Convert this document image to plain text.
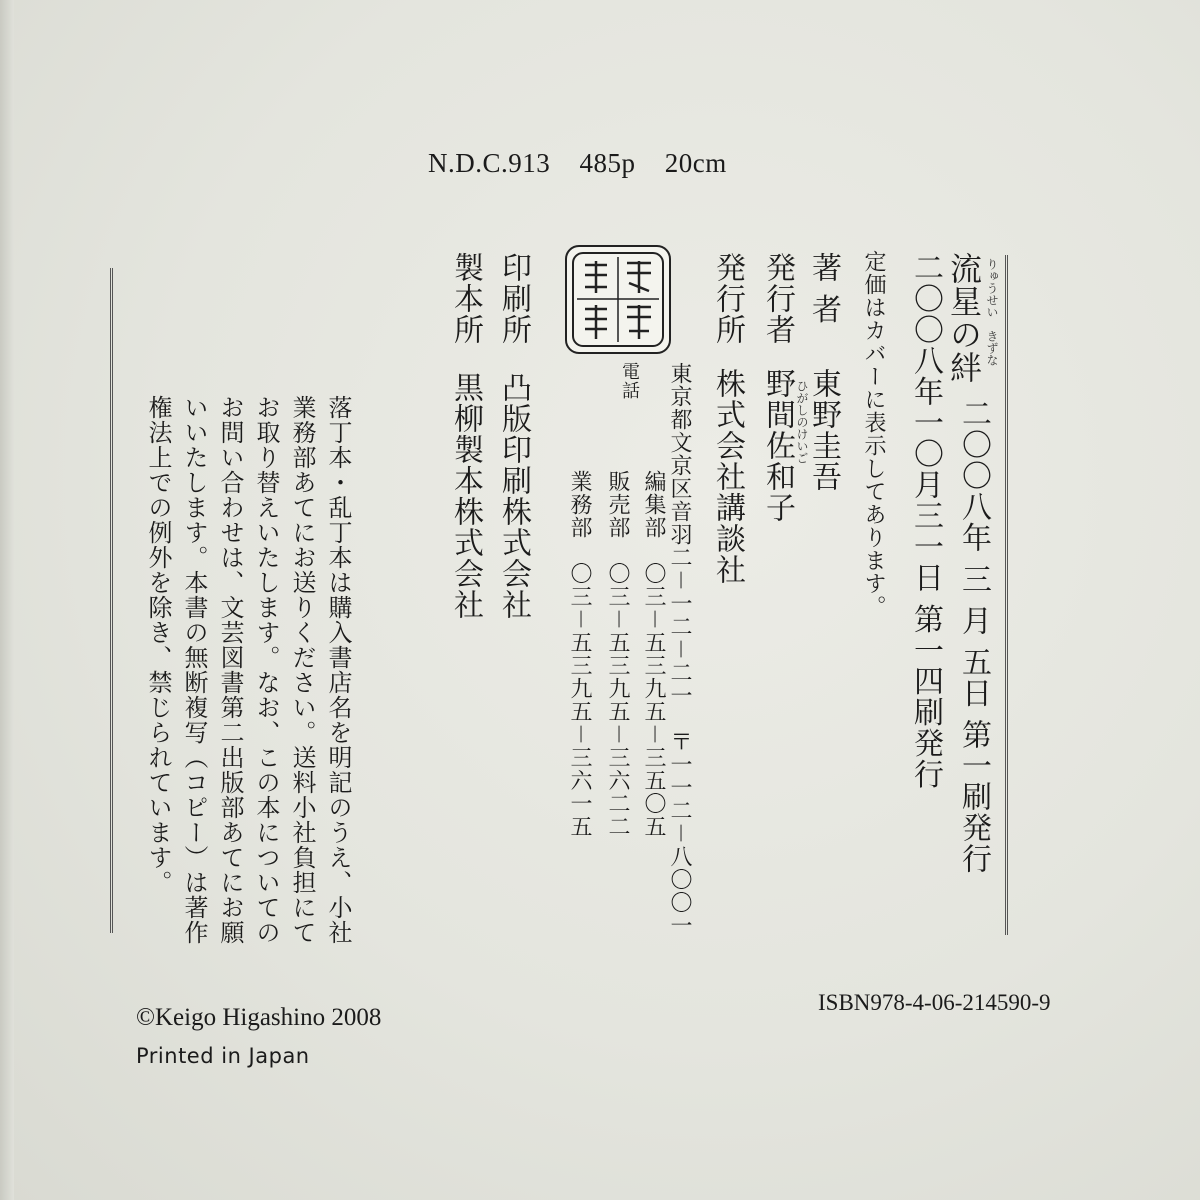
N.D.C.913 485p 20cm
流星の絆 りゅうせい
きずな
二〇〇八年 三 月 五日 第一刷発行
二〇〇八年一〇月三一日 第一四刷発行
定価はカバーに表示してあります。
著 者
ひがしのけいご
東野圭吾
発行者
野間佐和子
発行所
株式会社講談社
東京都文京区音羽二－一二－二一　〒一一二－八〇〇一
電話
編集部
〇三－五三九五－三五〇五
販売部
〇三－五三九五－三六二二
業務部
〇三－五三九五－三六一五
印刷所
凸版印刷株式会社
製本所
黒柳製本株式会社
落丁本・乱丁本は購入書店名を明記のうえ、小社
業務部あてにお送りください。送料小社負担にて
お取り替えいたします。なお、この本についての
お問い合わせは、文芸図書第二出版部あてにお願
いいたします。本書の無断複写（コピー）は著作
権法上での例外を除き、禁じられています。
©Keigo Higashino 2008
Printed in Japan
ISBN978-4-06-214590-9
